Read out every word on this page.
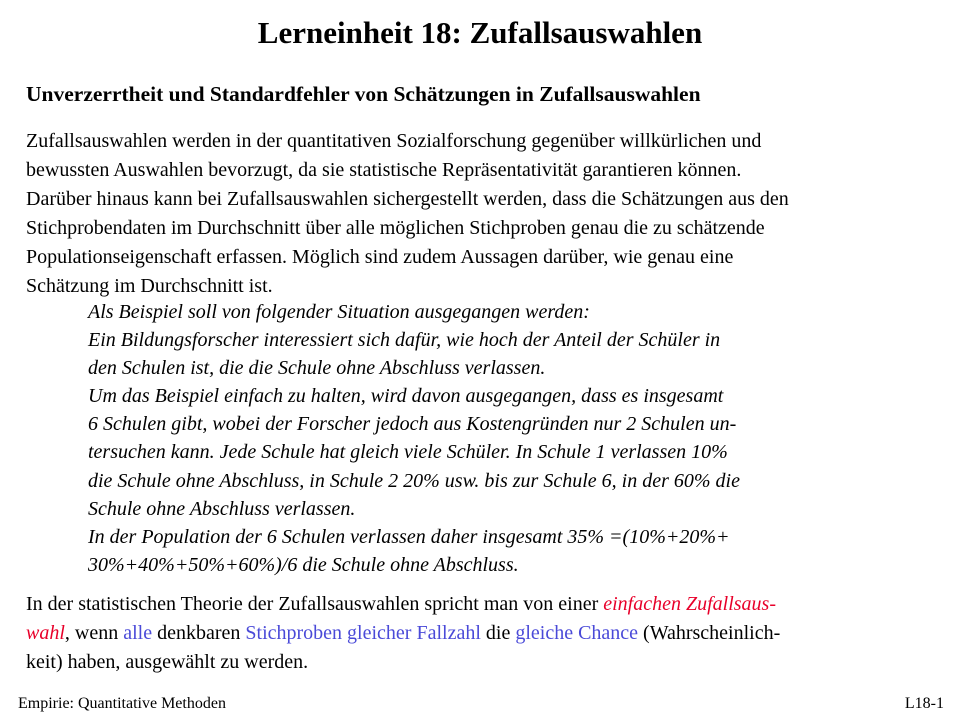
Lerneinheit 18: Zufallsauswahlen
Unverzerrtheit und Standardfehler von Schätzungen in Zufallsauswahlen
Zufallsauswahlen werden in der quantitativen Sozialforschung gegenüber willkürlichen und
bewussten Auswahlen bevorzugt, da sie statistische Repräsentativität garantieren können.
Darüber hinaus kann bei Zufallsauswahlen sichergestellt werden, dass die Schätzungen aus den
Stichprobendaten im Durchschnitt über alle möglichen Stichproben genau die zu schätzende
Populationseigenschaft erfassen. Möglich sind zudem Aussagen darüber, wie genau eine
Schätzung im Durchschnitt ist.
Als Beispiel soll von folgender Situation ausgegangen werden:
Ein Bildungsforscher interessiert sich dafür, wie hoch der Anteil der Schüler in
den Schulen ist, die die Schule ohne Abschluss verlassen.
Um das Beispiel einfach zu halten, wird davon ausgegangen, dass es insgesamt
6 Schulen gibt, wobei der Forscher jedoch aus Kostengründen nur 2 Schulen un-
tersuchen kann. Jede Schule hat gleich viele Schüler. In Schule 1 verlassen 10%
die Schule ohne Abschluss, in Schule 2 20% usw. bis zur Schule 6, in der 60% die
Schule ohne Abschluss verlassen.
In der Population der 6 Schulen verlassen daher insgesamt 35% =(10%+20%+
30%+40%+50%+60%)/6 die Schule ohne Abschluss.
In der statistischen Theorie der Zufallsauswahlen spricht man von einer einfachen Zufallsaus-
wahl, wenn alle denkbaren Stichproben gleicher Fallzahl die gleiche Chance (Wahrscheinlich-
keit) haben, ausgewählt zu werden.
Empirie: Quantitative Methoden	L18-1
